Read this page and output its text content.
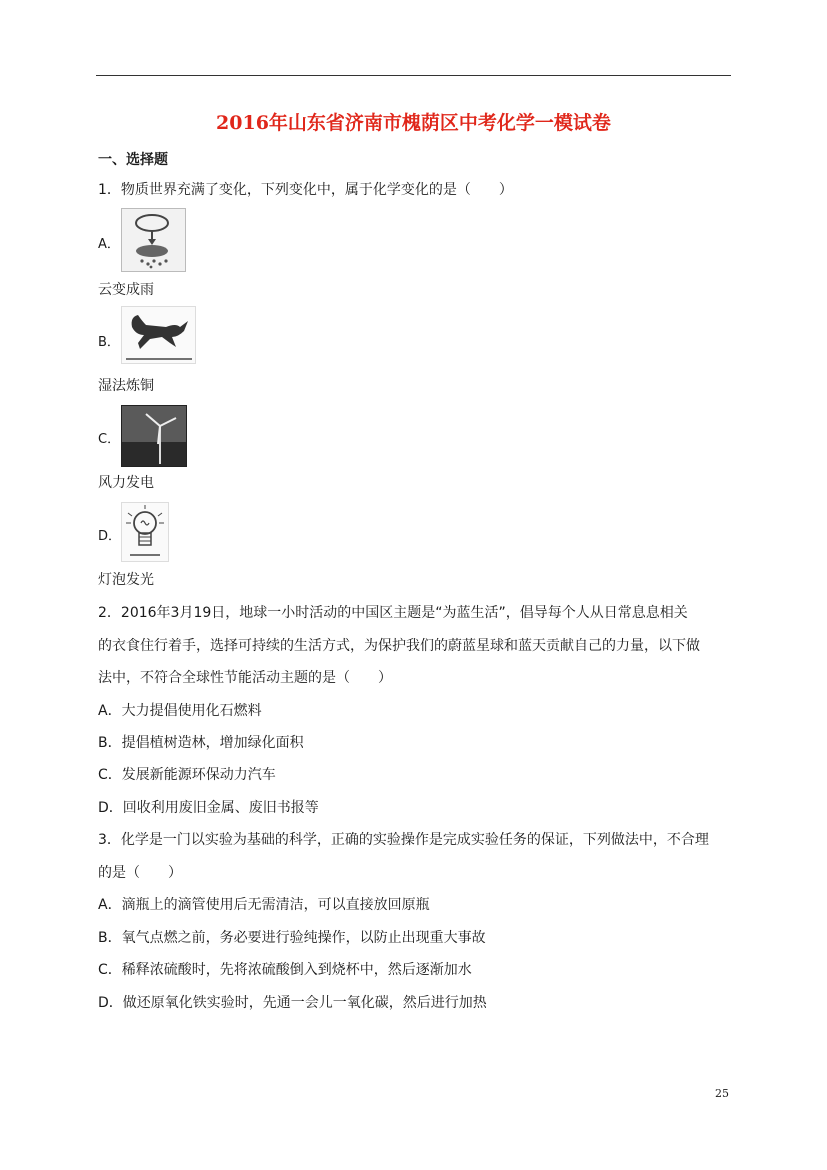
2016年山东省济南市槐荫区中考化学一模试卷
一、选择题
1．物质世界充满了变化，下列变化中，属于化学变化的是（　　）
A．
云变成雨
B．
湿法炼铜
C．
风力发电
D．
灯泡发光
2．2016年3月19日，地球一小时活动的中国区主题是“为蓝生活”，倡导每个人从日常息息相关
的衣食住行着手，选择可持续的生活方式，为保护我们的蔚蓝星球和蓝天贡献自己的力量，以下做
法中，不符合全球性节能活动主题的是（　　）
A．大力提倡使用化石燃料
B．提倡植树造林，增加绿化面积
C．发展新能源环保动力汽车
D．回收利用废旧金属、废旧书报等
3．化学是一门以实验为基础的科学，正确的实验操作是完成实验任务的保证，下列做法中，不合理
的是（　　）
A．滴瓶上的滴管使用后无需清洁，可以直接放回原瓶
B．氧气点燃之前，务必要进行验纯操作，以防止出现重大事故
C．稀释浓硫酸时，先将浓硫酸倒入到烧杯中，然后逐渐加水
D．做还原氧化铁实验时，先通一会儿一氧化碳，然后进行加热
25
